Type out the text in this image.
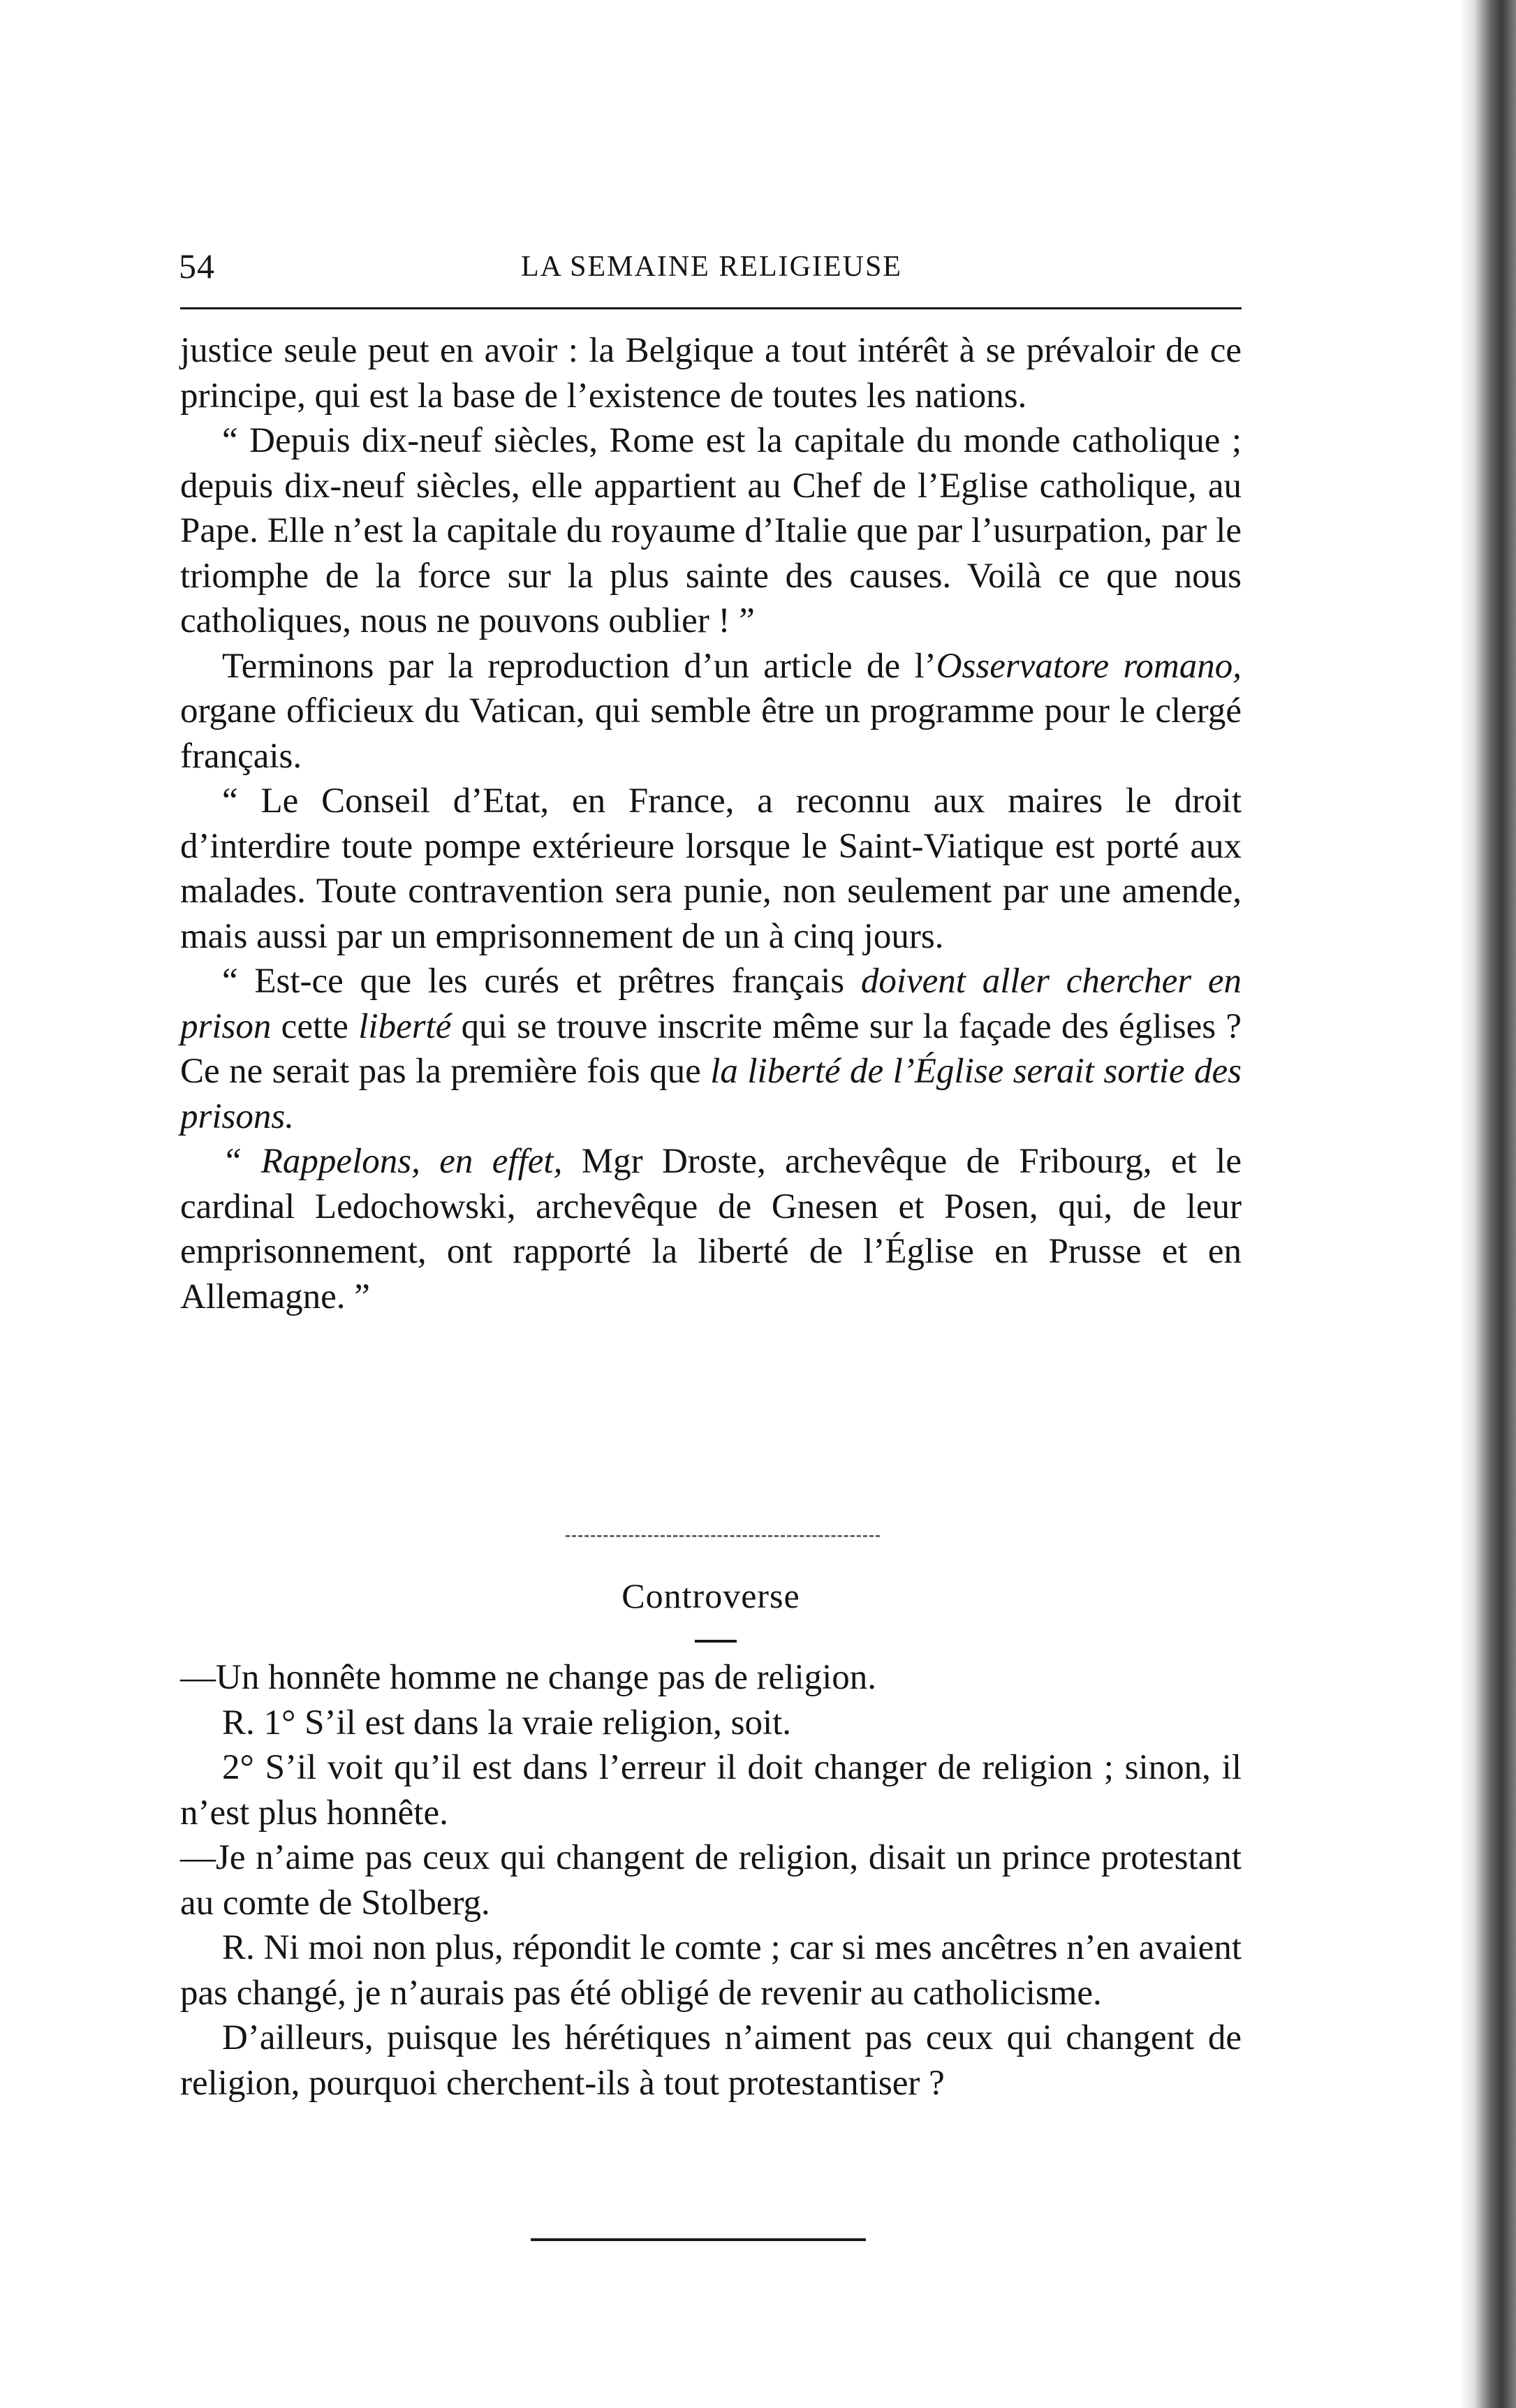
54	LA SEMAINE RELIGIEUSE

justice seule peut en avoir : la Belgique a tout intérêt à se prévaloir de ce principe, qui est la base de l’existence de toutes les nations.

“ Depuis dix-neuf siècles, Rome est la capitale du monde catholique ; depuis dix-neuf siècles, elle appartient au Chef de l’Eglise catholique, au Pape. Elle n’est la capitale du royaume d’Italie que par l’usurpation, par le triomphe de la force sur la plus sainte des causes. Voilà ce que nous catholiques, nous ne pouvons oublier ! ”

Terminons par la reproduction d’un article de l’Osservatore romano, organe officieux du Vatican, qui semble être un programme pour le clergé français.

“ Le Conseil d’Etat, en France, a reconnu aux maires le droit d’interdire toute pompe extérieure lorsque le Saint-Viatique est porté aux malades. Toute contravention sera punie, non seulement par une amende, mais aussi par un emprisonnement de un à cinq jours.

“ Est-ce que les curés et prêtres français doivent aller chercher en prison cette liberté qui se trouve inscrite même sur la façade des églises ? Ce ne serait pas la première fois que la liberté de l’Église serait sortie des prisons.

“ Rappelons, en effet, Mgr Droste, archevêque de Fribourg, et le cardinal Ledochowski, archevêque de Gnesen et Posen, qui, de leur emprisonnement, ont rapporté la liberté de l’Église en Prusse et en Allemagne. ”

Controverse

—Un honnête homme ne change pas de religion.

R. 1° S’il est dans la vraie religion, soit.

2° S’il voit qu’il est dans l’erreur il doit changer de religion ; sinon, il n’est plus honnête.

—Je n’aime pas ceux qui changent de religion, disait un prince protestant au comte de Stolberg.

R. Ni moi non plus, répondit le comte ; car si mes ancêtres n’en avaient pas changé, je n’aurais pas été obligé de revenir au catholicisme.

D’ailleurs, puisque les hérétiques n’aiment pas ceux qui changent de religion, pourquoi cherchent-ils à tout protestantiser ?
